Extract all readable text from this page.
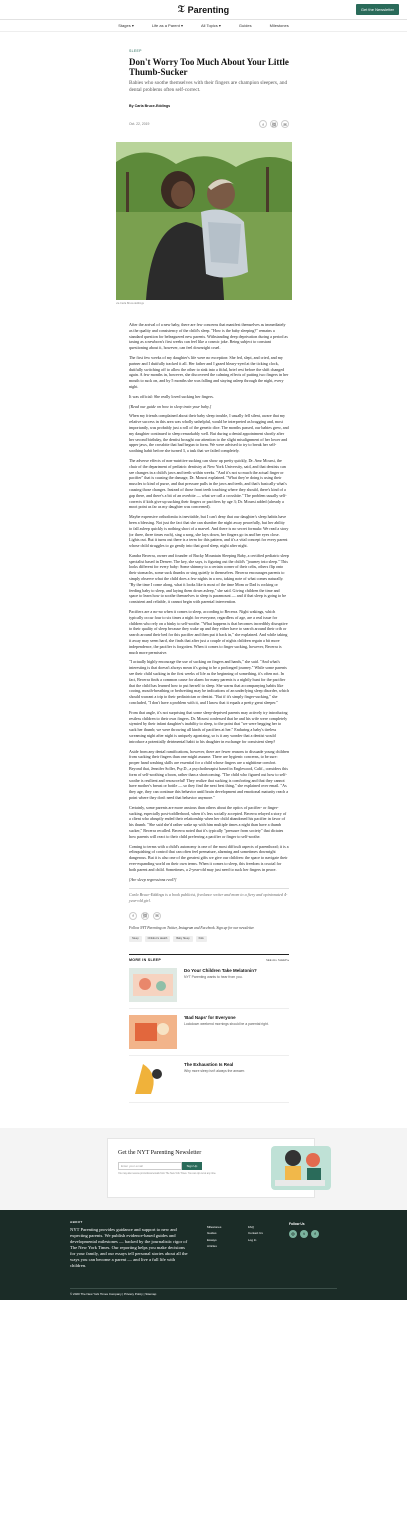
𝔗 Parenting	Get the Newsletter
Stages ▾	Life as a Parent ▾	All Topics ▾	Guides	Milestones
SLEEP
Don't Worry Too Much About Your Little Thumb-Sucker
Babies who soothe themselves with their fingers are champion sleepers, and dental problems often self-correct.
By Carla Bruce-Eddings
Oct. 22, 2019	f	⛓	✉
via Carla Bruce-Eddings

After the arrival of a new baby, there are few concerns that manifest themselves as immediately as the quality and consistency of the child's sleep. "How is the baby sleeping?" remains a standard question for beleaguered new parents. Withstanding deep deprivation during a period as taxing as a newborn's first weeks can feel like a cosmic joke. Being subject to constant questioning about it, however, can feel downright cruel.

The first few weeks of my daughter's life were no exception: She fed, slept, and cried, and my partner and I dutifully tracked it all. Her father and I gazed bleary-eyed at the ticking clock, dutifully switching off to allow the other to sink into a fitful, brief rest before the shift changed again. A few months in, however, she discovered the calming effects of putting two fingers in her mouth to suck on, and by 5 months she was falling and staying asleep through the night, every night.

It was official: She really loved sucking her fingers.

[Read our guide on how to sleep train your baby.]

When my friends complained about their baby sleep trouble, I usually fell silent, aware that my relative success in this area was wholly unhelpful, would be interpreted as bragging and, most importantly, was probably just a roll of the genetic dice. The months passed, our babies grew, and my daughter continued to sleep remarkably well. But during a dental appointment shortly after her second birthday, the dentist brought our attention to the slight misalignment of her lower and upper jaws, the crossbite that had begun to form. We were advised to try to break her self-soothing habit before she turned 3, a task that we failed completely.

The adverse effects of non-nutritive sucking can show up pretty quickly, Dr. Amr Moursi, the chair of the department of pediatric dentistry at New York University, said, and that dentists can see changes in a child's jaws and teeth within weeks. "And it's not so much the actual finger or pacifier" that is causing the damage, Dr. Moursi explained. "What they're doing is using their muscles to kind of purse, and that pressure pulls in the jaws and teeth, and that's basically what's causing those changes. Instead of those front teeth touching where they should, there's kind of a gap there, and there's a bit of an overbite — what we call a crossbite." The problem usually self-corrects if kids give up sucking their fingers or pacifiers by age 3; Dr. Moursi added (already a moot point as far as my daughter was concerned).

Maybe expensive orthodontia is inevitable, but I can't deny that our daughter's sleep habits have been a blessing. Not just the fact that she can slumber the night away peacefully, but her ability to fall asleep quickly is nothing short of a marvel. And there is no secret formula: We read a story (or three, three times each), sing a song, she lays down, her fingers go in and her eyes close. Lights out. But it turns out there is a term for this pattern, and it's a vital concept for every parent whose child struggles to go gently into that good sleep, night after night.

Kandra Becerra, owner and founder of Bucky Mountain Sleeping Baby, a certified pediatric sleep specialist based in Denver. The key, she says, is figuring out the child's "journey into sleep." This looks different for every baby: Some shimmy to a certain corner of their cribs, others flip onto their stomachs, some suck thumbs or sing quietly to themselves. Becerra encourages parents to simply observe what the child does a few nights in a row, taking note of what comes naturally. "By the time I come along, what it looks like is most of the time Mom or Dad is rocking or feeding baby to sleep, and laying them down asleep," she said. Giving children the time and space to learn how to soothe themselves to sleep is paramount — and if that sleep is going to be consistent and reliable, it cannot begin with parental intervention.

Pacifiers are a no-no when it comes to sleep, according to Becerra. Night wakings, which typically occur four to six times a night for everyone, regardless of age, are a real issue for children who rely on a binky to self-soothe. "What happens is that becomes incredibly disruptive to their quality of sleep because they wake up and they either have to search around their crib or search around their bed for this pacifier and then put it back in," she explained. And while taking it away may seem hard, she finds that after just a couple of nights children regain a bit more independence, the pacifier is forgotten. When it comes to finger sucking, however, Becerra is much more permissive.

"I actually highly encourage the use of sucking on fingers and hands," she said. "And what's interesting is that doesn't always mean it's going to be a prolonged journey." While some parents see their child sucking in the first weeks of life as the beginning of something, it's often not. In fact, Becerra finds a common cause for alarm for many parents is a nightly hunt for the pacifier that the child has learned how to put herself to sleep. She warns that accompanying habits like cooing, mouth-breathing or bedwetting may be indications of an underlying sleep disorder, which should warrant a trip to their pediatrician or dentist. "But if it's simply finger-sucking," she concluded, "I don't have a problem with it, and I know that it equals a pretty great sleeper."

From that angle, it's not surprising that some sleep-deprived parents may actively try introducing restless children to their own fingers. Dr. Moursi confessed that he and his wife were completely stymied by their infant daughter's inability to sleep, to the point that "we were begging her to suck her thumb; we were throwing all kinds of pacifiers at her." Enduring a baby's tireless screaming night after night is uniquely agonizing, so is it any wonder that a dentist would introduce a potentially detrimental habit to his daughter in exchange for consistent sleep?

Aside from any dental ramifications, however, there are fewer reasons to dissuade young children from sucking their fingers than one might assume. There are hygienic concerns, to be sure: proper hand washing skills are essential for a child whose fingers are a nighttime comfort. Beyond that, Jennifer Soller, Psy.D., a psychotherapist based in Englewood, Calif., considers this form of self-soothing a boon, rather than a shortcoming. "The child who figured out how to self-soothe is resilient and resourceful! They realize that sucking is comforting and that they cannot have mother's breast or bottle — so they find the next best thing," she explained over email. "As they age, they can continue this behavior until brain development and emotional maturity reach a point where they don't need that behavior anymore."

Certainly, some parents are more anxious than others about the optics of pacifier- or finger-sucking, especially post-toddlerhood, when it's less socially accepted. Becerra relayed a story of a client who abruptly ended their relationship when her child abandoned his pacifier in favor of his thumb. "She said she'd rather wake up with him multiple times a night than have a thumb sucker," Becerra recalled. Becerra noted that it's typically "pressure from society" that dictates how parents will react to their child preferring a pacifier or finger to self-soothe.

Coming to terms with a child's autonomy is one of the most difficult aspects of parenthood; it is a relinquishing of control that can often feel premature, alarming and sometimes downright dangerous. But it is also one of the greatest gifts we give our children: the space to navigate their ever-expanding world on their own terms. When it comes to sleep, this freedom is crucial for both parent and child. Sometimes, a 2-year-old may just need to suck her fingers in peace.

[Are sleep regressions real?]

Carla Bruce-Eddings is a book publicist, freelance writer and mom to a fiery and opinionated 4-year-old girl.

f	⛓	✉
Follow NYT Parenting on Twitter, Instagram and Facebook. Sign up for our newsletter.
Sleep	Children's Health	Baby Sleep	Kids
MORE IN SLEEP	SEE ALL SLEEP ▸
Do Your Children Take Melatonin?

NYT Parenting wants to hear from you.

'Bad Naps' for Everyone

Lockdown weekend mornings should be a parental right.

The Exhaustion Is Real

Why more sleep isn't always the answer.

Get the NYT Parenting Newsletter
Enter your email	Sign Up
You may also receive promotional emails from The New York Times. You can opt out at any time.
ABOUT
NYT Parenting provides guidance and support to new and expecting parents. We publish evidence-based guides and developmental milestones — backed by the journalistic rigor of The New York Times. Our reporting helps you make decisions for your family, and our essays tell personal stories about all the ways you can become a parent — and live a full life with children.
Milestones
Guides
Essays
Articles
FAQ
Contact Us
Log In
Follow Us
◎	t	f
© 2020 The New York Times Company | Privacy Policy | Sitemap
